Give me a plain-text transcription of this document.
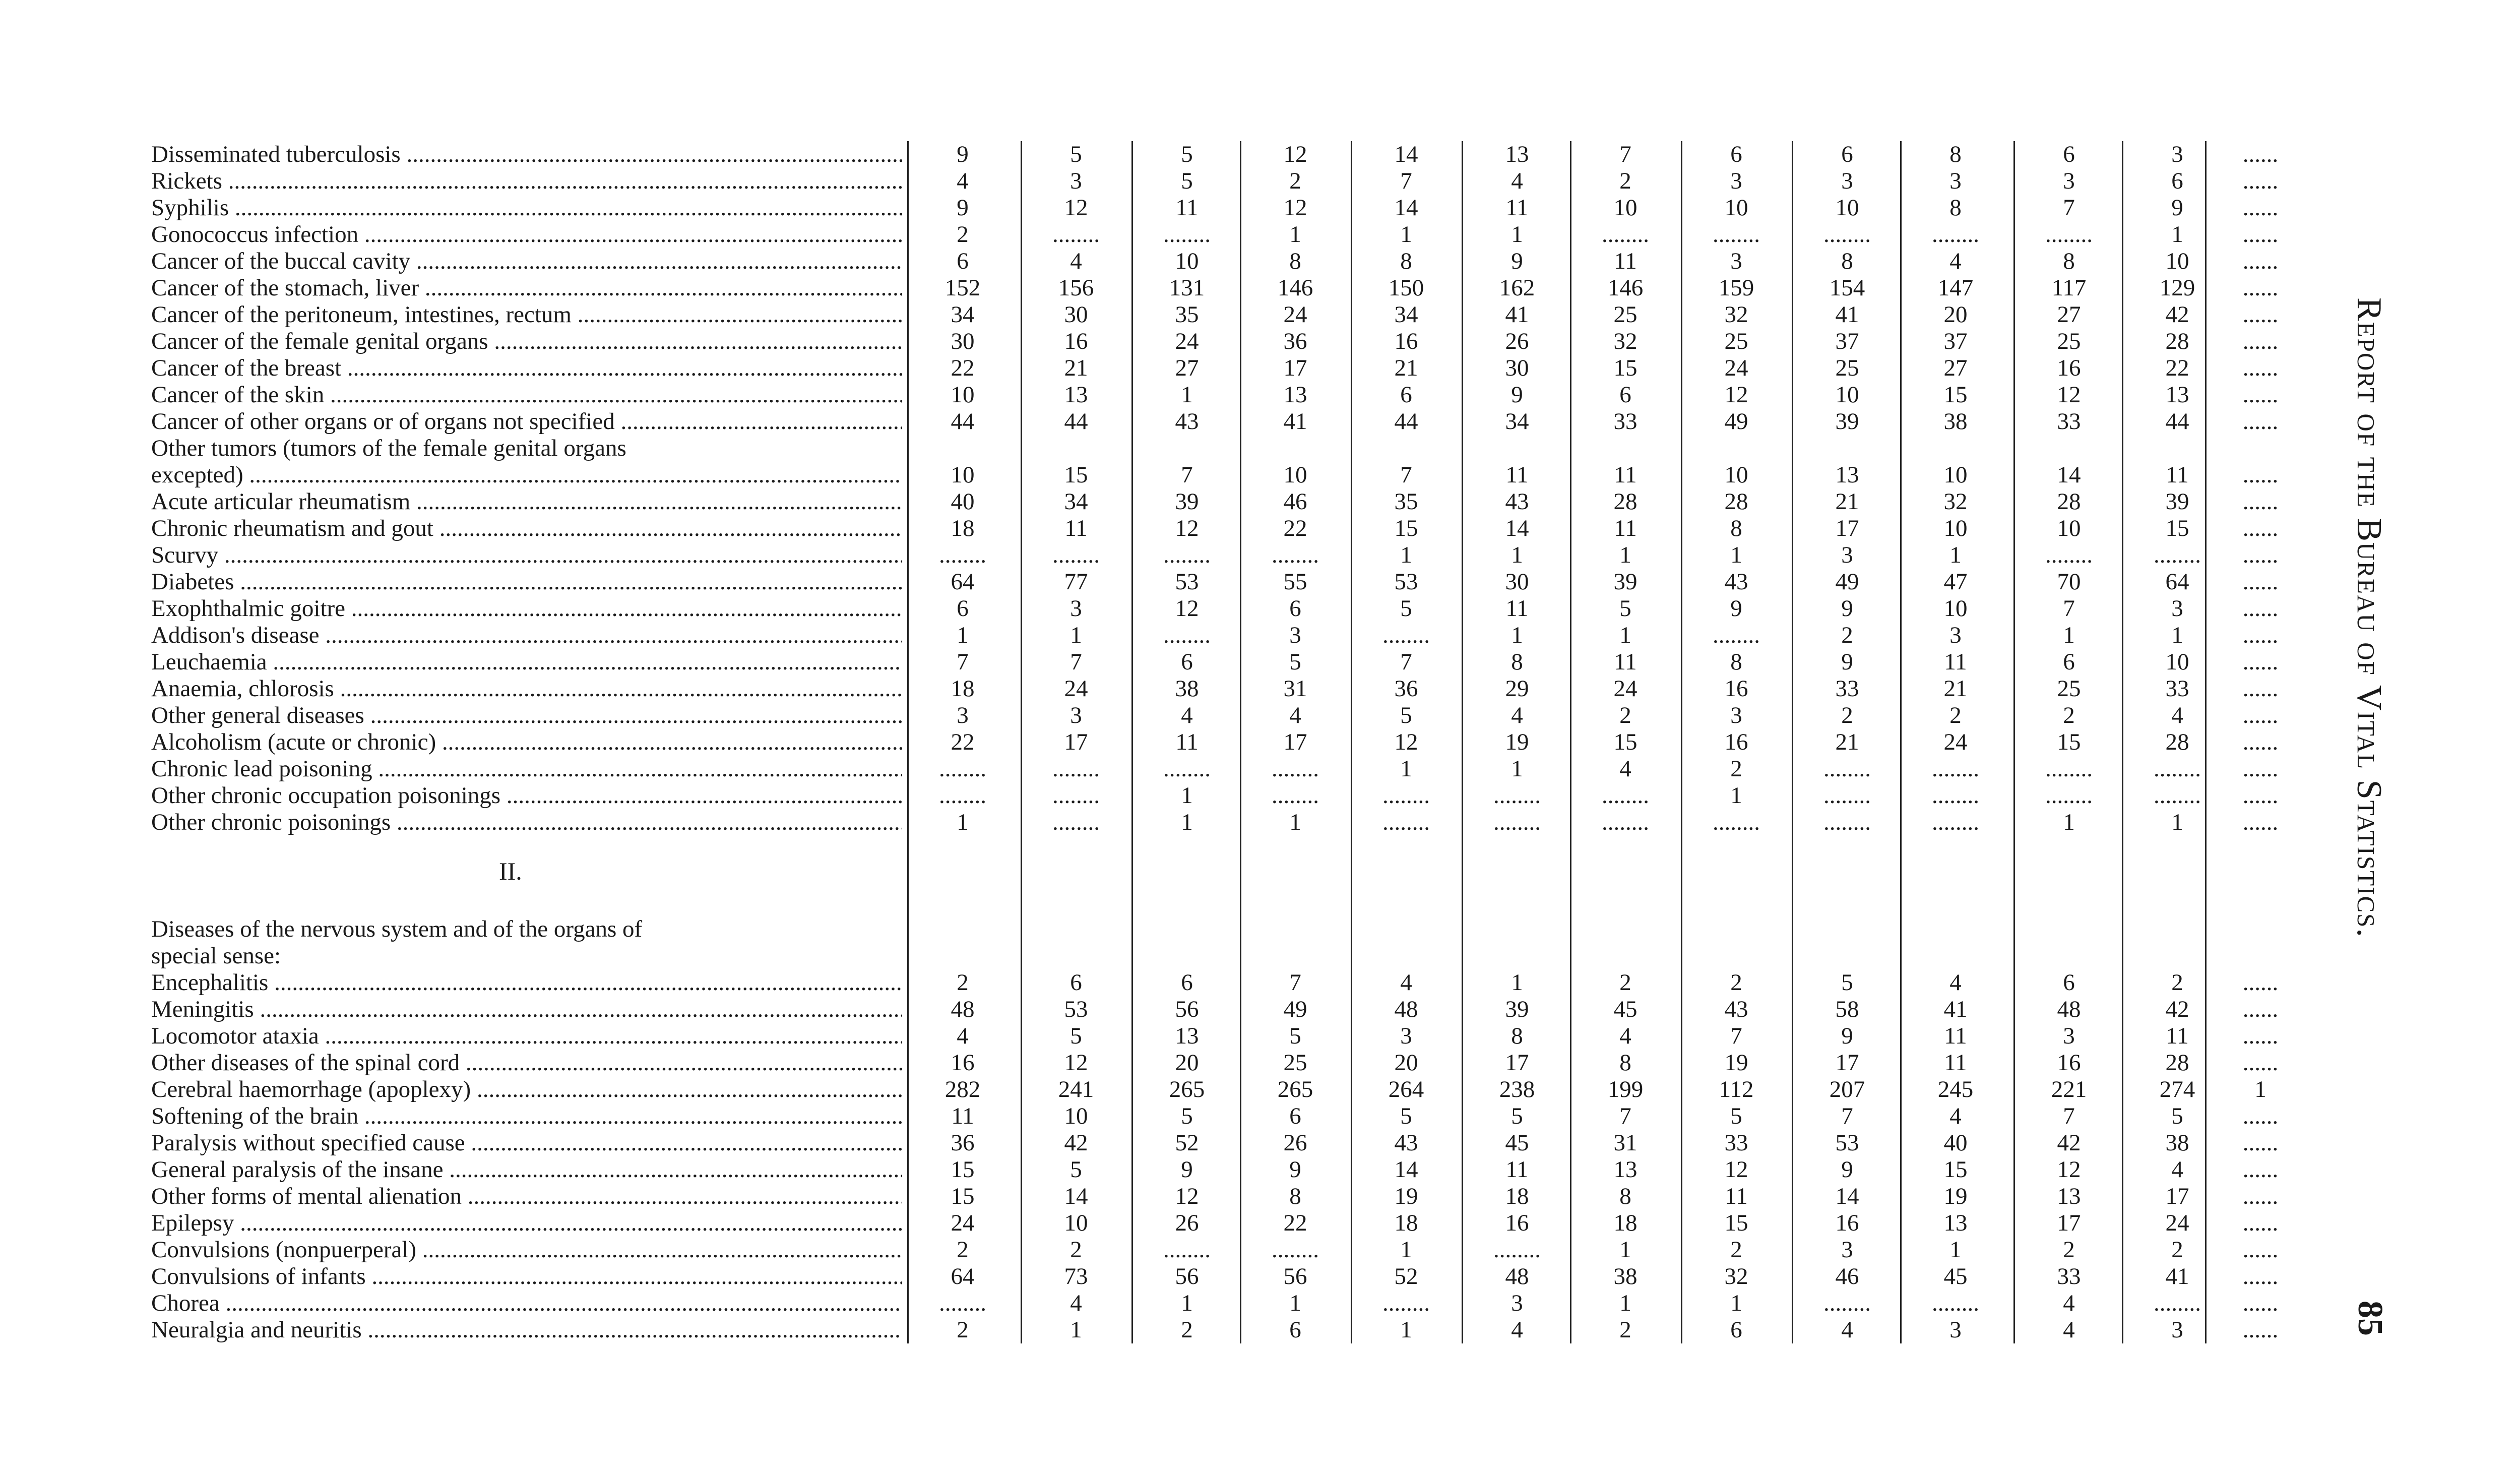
Disseminated tuberculosis .....	9	5	5	12	14	13	7	6	6	8	6	3	......
Rickets .....	4	3	5	2	7	4	2	3	3	3	3	6	......
Syphilis .....	9	12	11	12	14	11	10	10	10	8	7	9	......
Gonococcus infection .....	2	........	........	1	1	1	........	........	........	........	........	1	......
Cancer of the buccal cavity .....	6	4	10	8	8	9	11	3	8	4	8	10	......
Cancer of the stomach, liver .....	152	156	131	146	150	162	146	159	154	147	117	129	......
Cancer of the peritoneum, intestines, rectum .....	34	30	35	24	34	41	25	32	41	20	27	42	......
Cancer of the female genital organs .....	30	16	24	36	16	26	32	25	37	37	25	28	......
Cancer of the breast .....	22	21	27	17	21	30	15	24	25	27	16	22	......
Cancer of the skin .....	10	13	1	13	6	9	6	12	10	15	12	13	......
Cancer of other organs or of organs not specified .....	44	44	43	41	44	34	33	49	39	38	33	44	......
Other tumors (tumors of the female genital organs
excepted) .....	10	15	7	10	7	11	11	10	13	10	14	11	......
Acute articular rheumatism .....	40	34	39	46	35	43	28	28	21	32	28	39	......
Chronic rheumatism and gout .....	18	11	12	22	15	14	11	8	17	10	10	15	......
Scurvy .....	........	........	........	........	1	1	1	1	3	1	........	........	......
Diabetes .....	64	77	53	55	53	30	39	43	49	47	70	64	......
Exophthalmic goitre .....	6	3	12	6	5	11	5	9	9	10	7	3	......
Addison's disease .....	1	1	........	3	........	1	1	........	2	3	1	1	......
Leuchaemia .....	7	7	6	5	7	8	11	8	9	11	6	10	......
Anaemia, chlorosis .....	18	24	38	31	36	29	24	16	33	21	25	33	......
Other general diseases .....	3	3	4	4	5	4	2	3	2	2	2	4	......
Alcoholism (acute or chronic) .....	22	17	11	17	12	19	15	16	21	24	15	28	......
Chronic lead poisoning .....	........	........	........	........	1	1	4	2	........	........	........	........	......
Other chronic occupation poisonings .....	........	........	1	........	........	........	........	1	........	........	........	........	......
Other chronic poisonings .....	1	........	1	1	........	........	........	........	........	........	1	1	......
Diseases of the nervous system and of the organs of
special sense:
Encephalitis .....	2	6	6	7	4	1	2	2	5	4	6	2	......
Meningitis .....	48	53	56	49	48	39	45	43	58	41	48	42	......
Locomotor ataxia .....	4	5	13	5	3	8	4	7	9	11	3	11	......
Other diseases of the spinal cord .....	16	12	20	25	20	17	8	19	17	11	16	28	......
Cerebral haemorrhage (apoplexy) .....	282	241	265	265	264	238	199	112	207	245	221	274	1
Softening of the brain .....	11	10	5	6	5	5	7	5	7	4	7	5	......
Paralysis without specified cause .....	36	42	52	26	43	45	31	33	53	40	42	38	......
General paralysis of the insane .....	15	5	9	9	14	11	13	12	9	15	12	4	......
Other forms of mental alienation .....	15	14	12	8	19	18	8	11	14	19	13	17	......
Epilepsy .....	24	10	26	22	18	16	18	15	16	13	17	24	......
Convulsions (nonpuerperal) .....	2	2	........	........	1	........	1	2	3	1	2	2	......
Convulsions of infants .....	64	73	56	56	52	48	38	32	46	45	33	41	......
Chorea .....	........	4	1	1	........	3	1	1	........	........	4	........	......
Neuralgia and neuritis .....	2	1	2	6	1	4	2	6	4	3	4	3	......
II.	Report of the Bureau of Vital Statistics.
85
